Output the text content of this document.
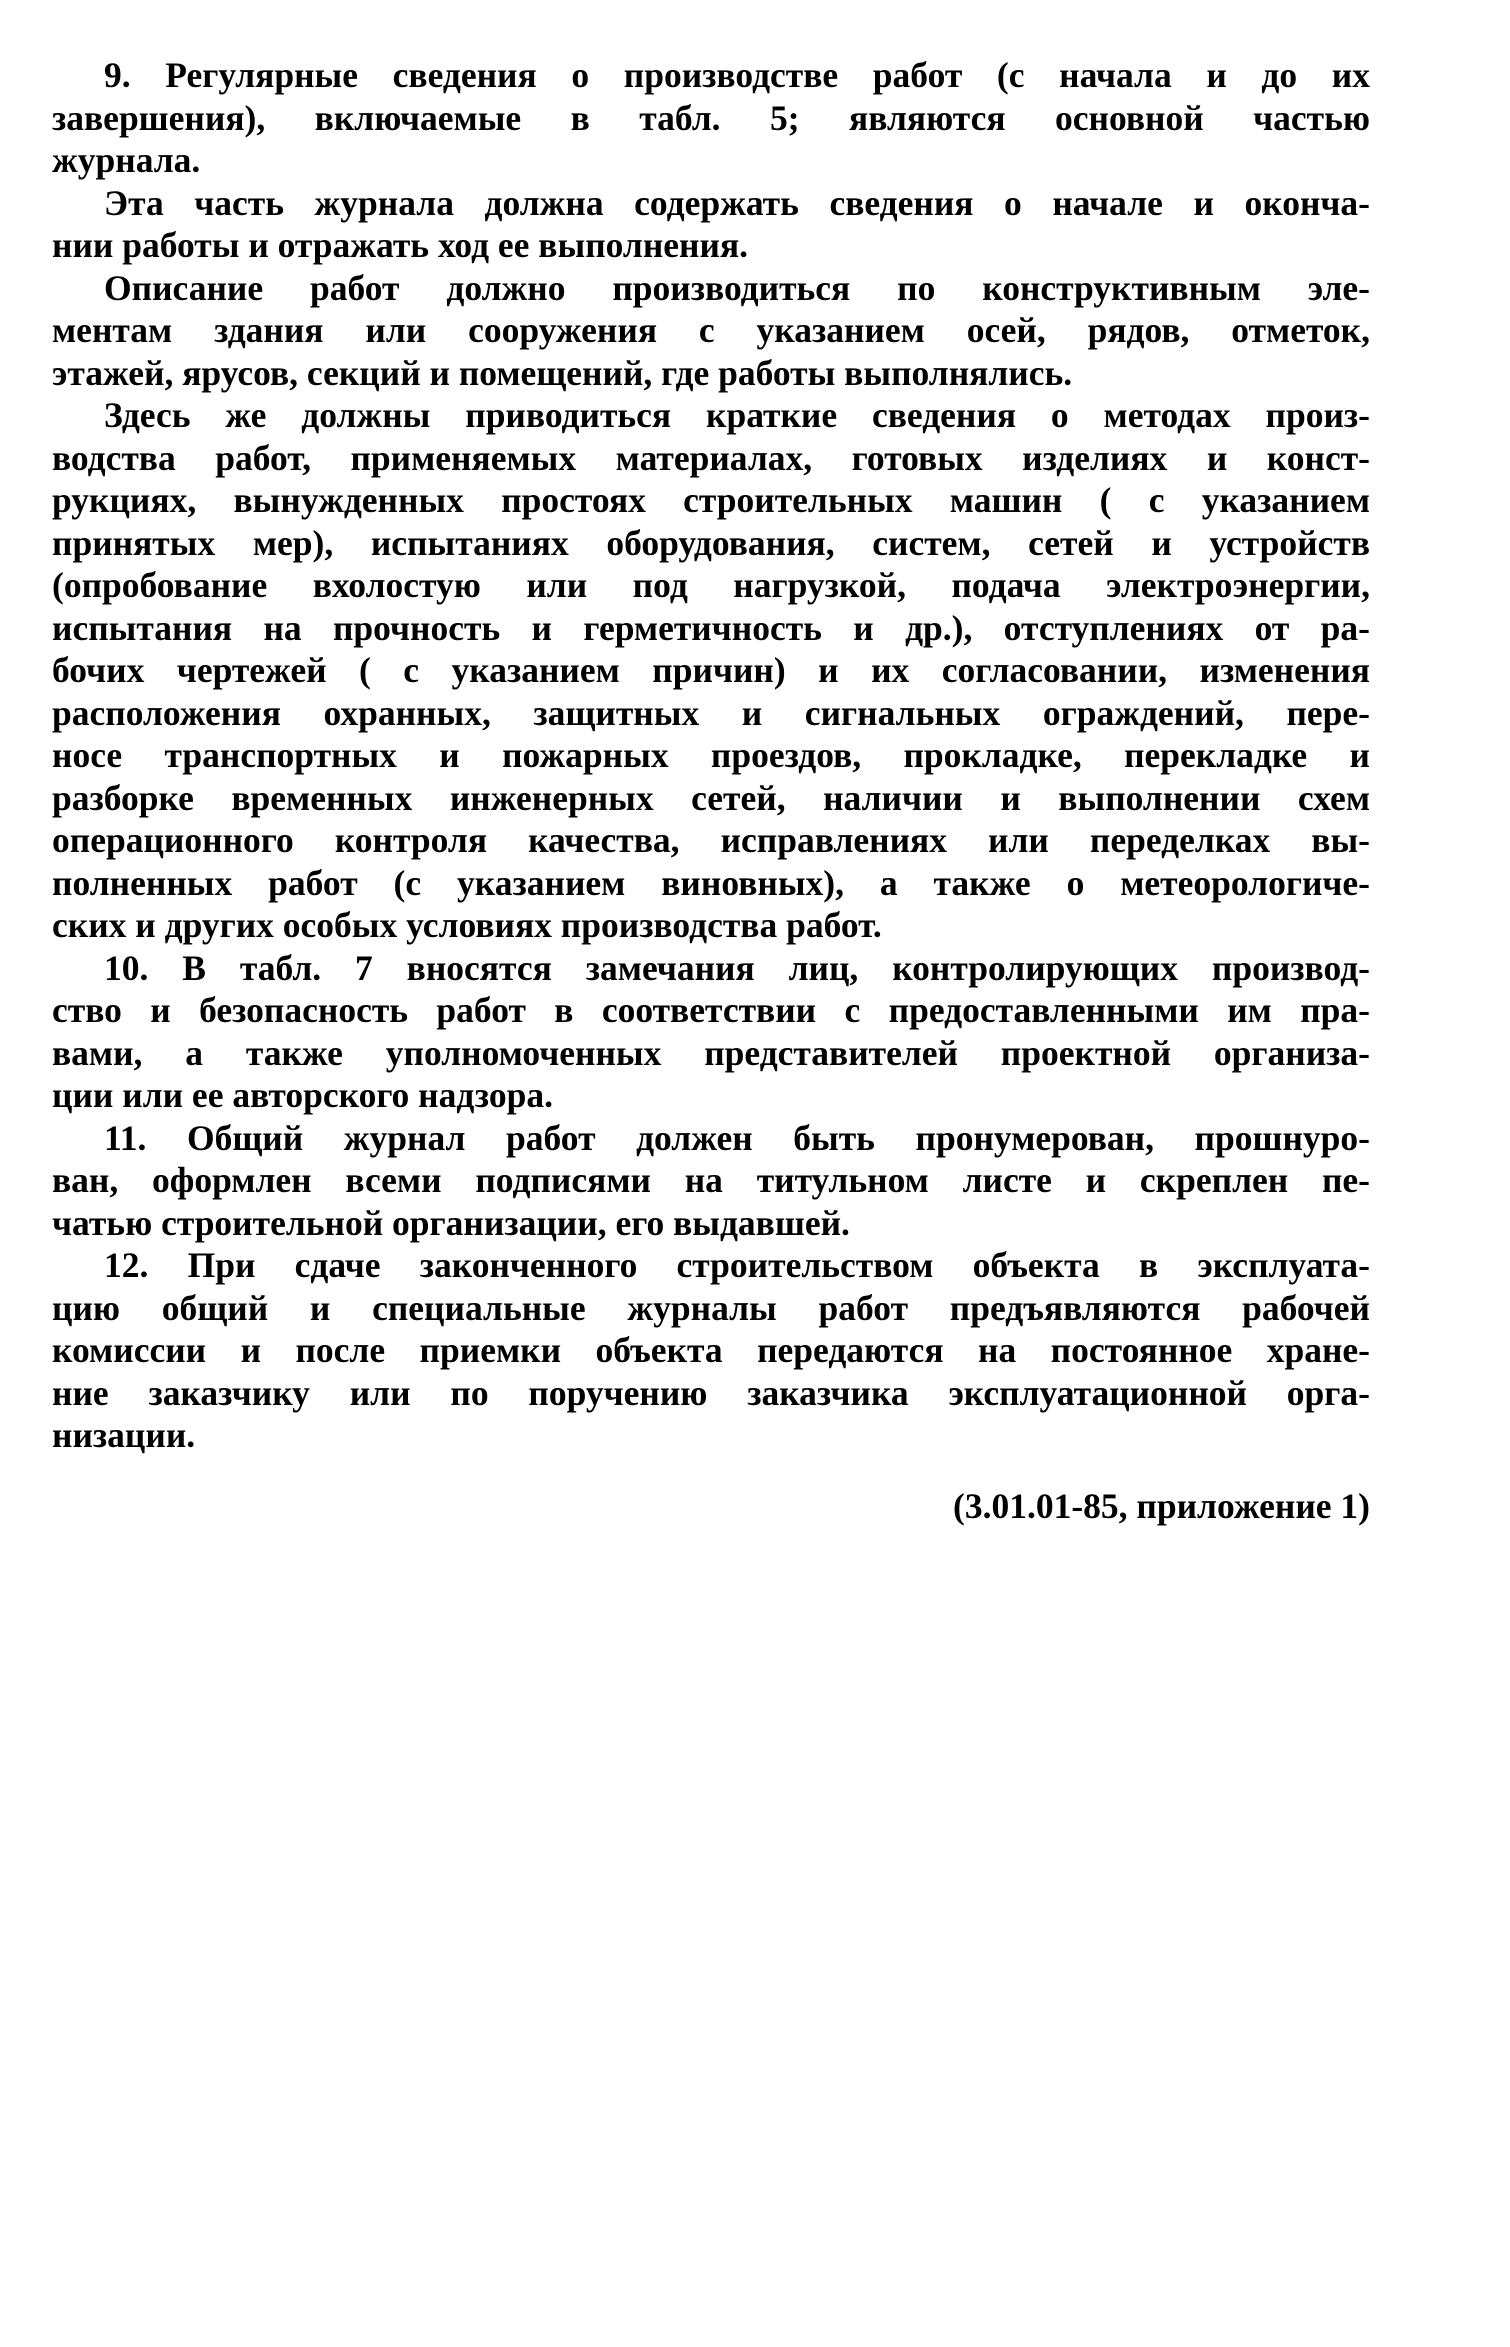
9. Регулярные сведения о производстве работ (с начала и до их
завершения), включаемые в табл. 5; являются основной частью
журнала.
Эта часть журнала должна содержать сведения о начале и оконча-
нии работы и отражать ход ее выполнения.
Описание работ должно производиться по конструктивным эле-
ментам здания или сооружения с указанием осей, рядов, отметок,
этажей, ярусов, секций и помещений, где работы выполнялись.
Здесь же должны приводиться краткие сведения о методах произ-
водства работ, применяемых материалах, готовых изделиях и конст-
рукциях, вынужденных простоях строительных машин ( с указанием
принятых мер), испытаниях оборудования, систем, сетей и устройств
(опробование вхолостую или под нагрузкой, подача электроэнергии,
испытания на прочность и герметичность и др.), отступлениях от ра-
бочих чертежей ( с указанием причин) и их согласовании, изменения
расположения охранных, защитных и сигнальных ограждений, пере-
носе транспортных и пожарных проездов, прокладке, перекладке и
разборке временных инженерных сетей, наличии и выполнении схем
операционного контроля качества, исправлениях или переделках вы-
полненных работ (с указанием виновных), а также о метеорологиче-
ских и других особых условиях производства работ.
10. В табл. 7 вносятся замечания лиц, контролирующих производ-
ство и безопасность работ в соответствии с предоставленными им пра-
вами, а также уполномоченных представителей проектной организа-
ции или ее авторского надзора.
11. Общий журнал работ должен быть пронумерован, прошнуро-
ван, оформлен всеми подписями на титульном листе и скреплен пе-
чатью строительной организации, его выдавшей.
12. При сдаче законченного строительством объекта в эксплуата-
цию общий и специальные журналы работ предъявляются рабочей
комиссии и после приемки объекта передаются на постоянное хране-
ние заказчику или по поручению заказчика эксплуатационной орга-
низации.
(3.01.01-85, приложение 1)
